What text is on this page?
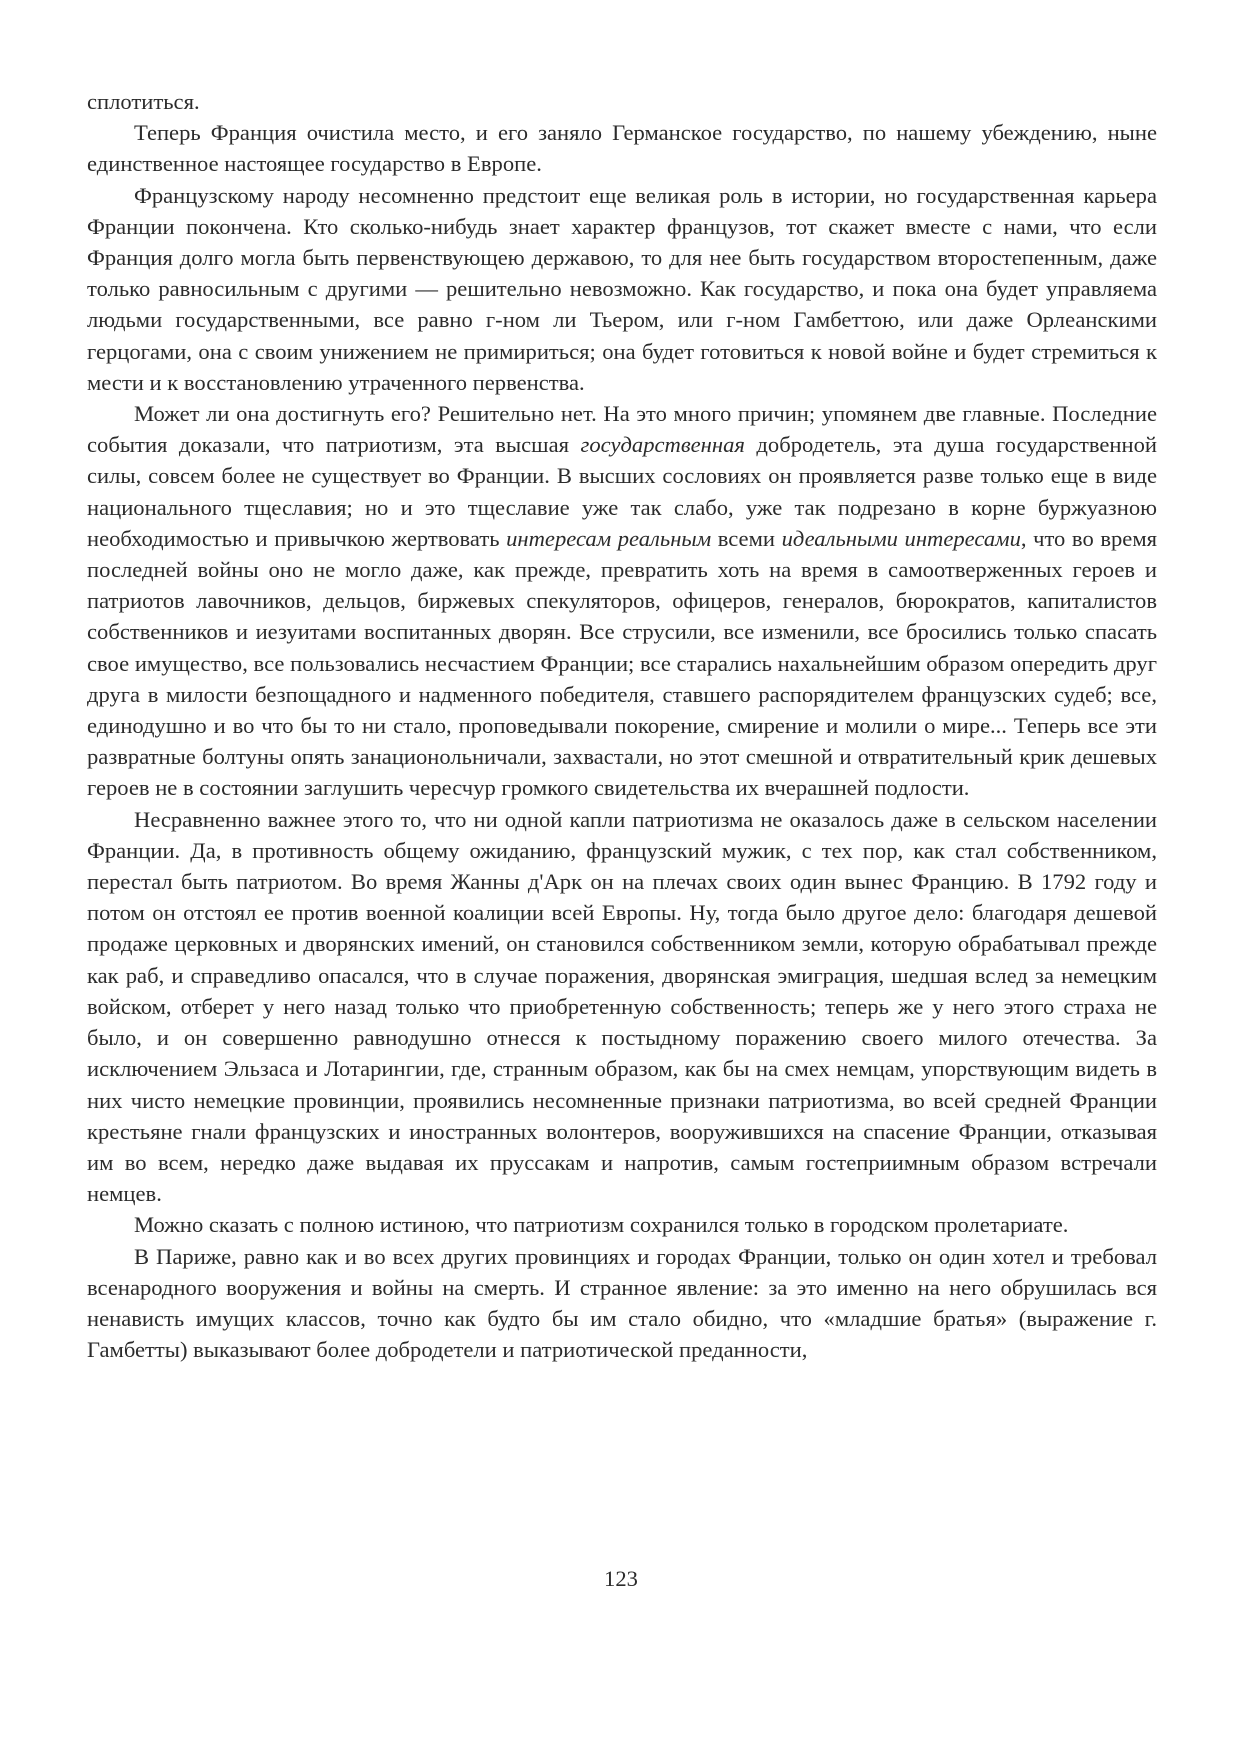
сплотиться.

Теперь Франция очистила место, и его заняло Германское государство, по нашему убеждению, ныне единственное настоящее государство в Европе.

Французскому народу несомненно предстоит еще великая роль в истории, но государственная карьера Франции покончена. Кто сколько-нибудь знает характер французов, тот скажет вместе с нами, что если Франция долго могла быть первенствующею державою, то для нее быть государством второстепенным, даже только равносильным с другими — решительно невозможно. Как государство, и пока она будет управляема людьми государственными, все равно г-ном ли Тьером, или г-ном Гамбеттою, или даже Орлеанскими герцогами, она с своим унижением не примириться; она будет готовиться к новой войне и будет стремиться к мести и к восстановлению утраченного первенства.

Может ли она достигнуть его? Решительно нет. На это много причин; упомянем две главные. Последние события доказали, что патриотизм, эта высшая государственная добродетель, эта душа государственной силы, совсем более не существует во Франции. В высших сословиях он проявляется разве только еще в виде национального тщеславия; но и это тщеславие уже так слабо, уже так подрезано в корне буржуазною необходимостью и привычкою жертвовать интересам реальным всеми идеальными интересами, что во время последней войны оно не могло даже, как прежде, превратить хоть на время в самоотверженных героев и патриотов лавочников, дельцов, биржевых спекуляторов, офицеров, генералов, бюрократов, капиталистов собственников и иезуитами воспитанных дворян. Все струсили, все изменили, все бросились только спасать свое имущество, все пользовались несчастием Франции; все старались нахальнейшим образом опередить друг друга в милости безпощадного и надменного победителя, ставшего распорядителем французских судеб; все, единодушно и во что бы то ни стало, проповедывали покорение, смирение и молили о мире... Теперь все эти развратные болтуны опять занационольничали, захвастали, но этот смешной и отвратительный крик дешевых героев не в состоянии заглушить чересчур громкого свидетельства их вчерашней подлости.

Несравненно важнее этого то, что ни одной капли патриотизма не оказалось даже в сельском населении Франции. Да, в противность общему ожиданию, французский мужик, с тех пор, как стал собственником, перестал быть патриотом. Во время Жанны д'Арк он на плечах своих один вынес Францию. В 1792 году и потом он отстоял ее против военной коалиции всей Европы. Ну, тогда было другое дело: благодаря дешевой продаже церковных и дворянских имений, он становился собственником земли, которую обрабатывал прежде как раб, и справедливо опасался, что в случае поражения, дворянская эмиграция, шедшая вслед за немецким войском, отберет у него назад только что приобретенную собственность; теперь же у него этого страха не было, и он совершенно равнодушно отнесся к постыдному поражению своего милого отечества. За исключением Эльзаса и Лотарингии, где, странным образом, как бы на смех немцам, упорствующим видеть в них чисто немецкие провинции, проявились несомненные признаки патриотизма, во всей средней Франции крестьяне гнали французских и иностранных волонтеров, вооружившихся на спасение Франции, отказывая им во всем, нередко даже выдавая их пруссакам и напротив, самым гостеприимным образом встречали немцев.

Можно сказать с полною истиною, что патриотизм сохранился только в городском пролетариате.

В Париже, равно как и во всех других провинциях и городах Франции, только он один хотел и требовал всенародного вооружения и войны на смерть. И странное явление: за это именно на него обрушилась вся ненависть имущих классов, точно как будто бы им стало обидно, что «младшие братья» (выражение г. Гамбетты) выказывают более добродетели и патриотической преданности,

123
